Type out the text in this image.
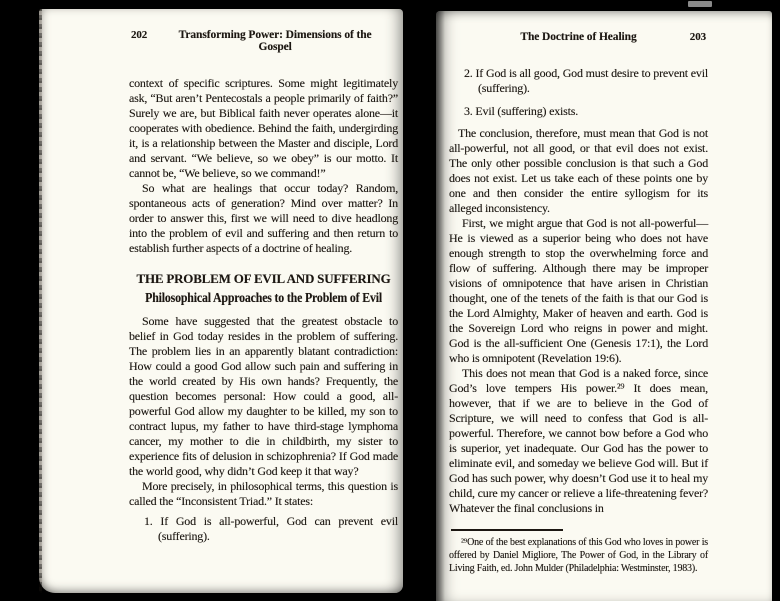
202	Transforming Power: Dimensions of the Gospel

context of specific scriptures. Some might legitimately ask, “But aren’t Pentecostals a people primarily of faith?” Surely we are, but Biblical faith never operates alone—it cooperates with obedience. Behind the faith, undergirding it, is a relationship between the Master and disciple, Lord and servant. “We believe, so we obey” is our motto. It cannot be, “We believe, so we command!”

So what are healings that occur today? Random, spontaneous acts of generation? Mind over matter? In order to answer this, first we will need to dive headlong into the problem of evil and suffering and then return to establish further aspects of a doctrine of healing.

THE PROBLEM OF EVIL AND SUFFERING
Philosophical Approaches to the Problem of Evil

Some have suggested that the greatest obstacle to belief in God today resides in the problem of suffering. The problem lies in an apparently blatant contradiction: How could a good God allow such pain and suffering in the world created by His own hands? Frequently, the question becomes personal: How could a good, all-powerful God allow my daughter to be killed, my son to contract lupus, my father to have third-stage lymphoma cancer, my mother to die in childbirth, my sister to experience fits of delusion in schizophrenia? If God made the world good, why didn’t God keep it that way?

More precisely, in philosophical terms, this question is called the “Inconsistent Triad.” It states:

1. If God is all-powerful, God can prevent evil (suffering).

The Doctrine of Healing	203

2. If God is all good, God must desire to prevent evil (suffering).

3. Evil (suffering) exists.

The conclusion, therefore, must mean that God is not all-powerful, not all good, or that evil does not exist. The only other possible conclusion is that such a God does not exist. Let us take each of these points one by one and then consider the entire syllogism for its alleged inconsistency.

First, we might argue that God is not all-powerful—He is viewed as a superior being who does not have enough strength to stop the overwhelming force and flow of suffering. Although there may be improper visions of omnipotence that have arisen in Christian thought, one of the tenets of the faith is that our God is the Lord Almighty, Maker of heaven and earth. God is the Sovereign Lord who reigns in power and might. God is the all-sufficient One (Genesis 17:1), the Lord who is omnipotent (Revelation 19:6).

This does not mean that God is a naked force, since God’s love tempers His power.²⁹ It does mean, however, that if we are to believe in the God of Scripture, we will need to confess that God is all-powerful. Therefore, we cannot bow before a God who is superior, yet inadequate. Our God has the power to eliminate evil, and someday we believe God will. But if God has such power, why doesn’t God use it to heal my child, cure my cancer or relieve a life-threatening fever? Whatever the final conclusions in

²⁹One of the best explanations of this God who loves in power is offered by Daniel Migliore, The Power of God, in the Library of Living Faith, ed. John Mulder (Philadelphia: Westminster, 1983).
